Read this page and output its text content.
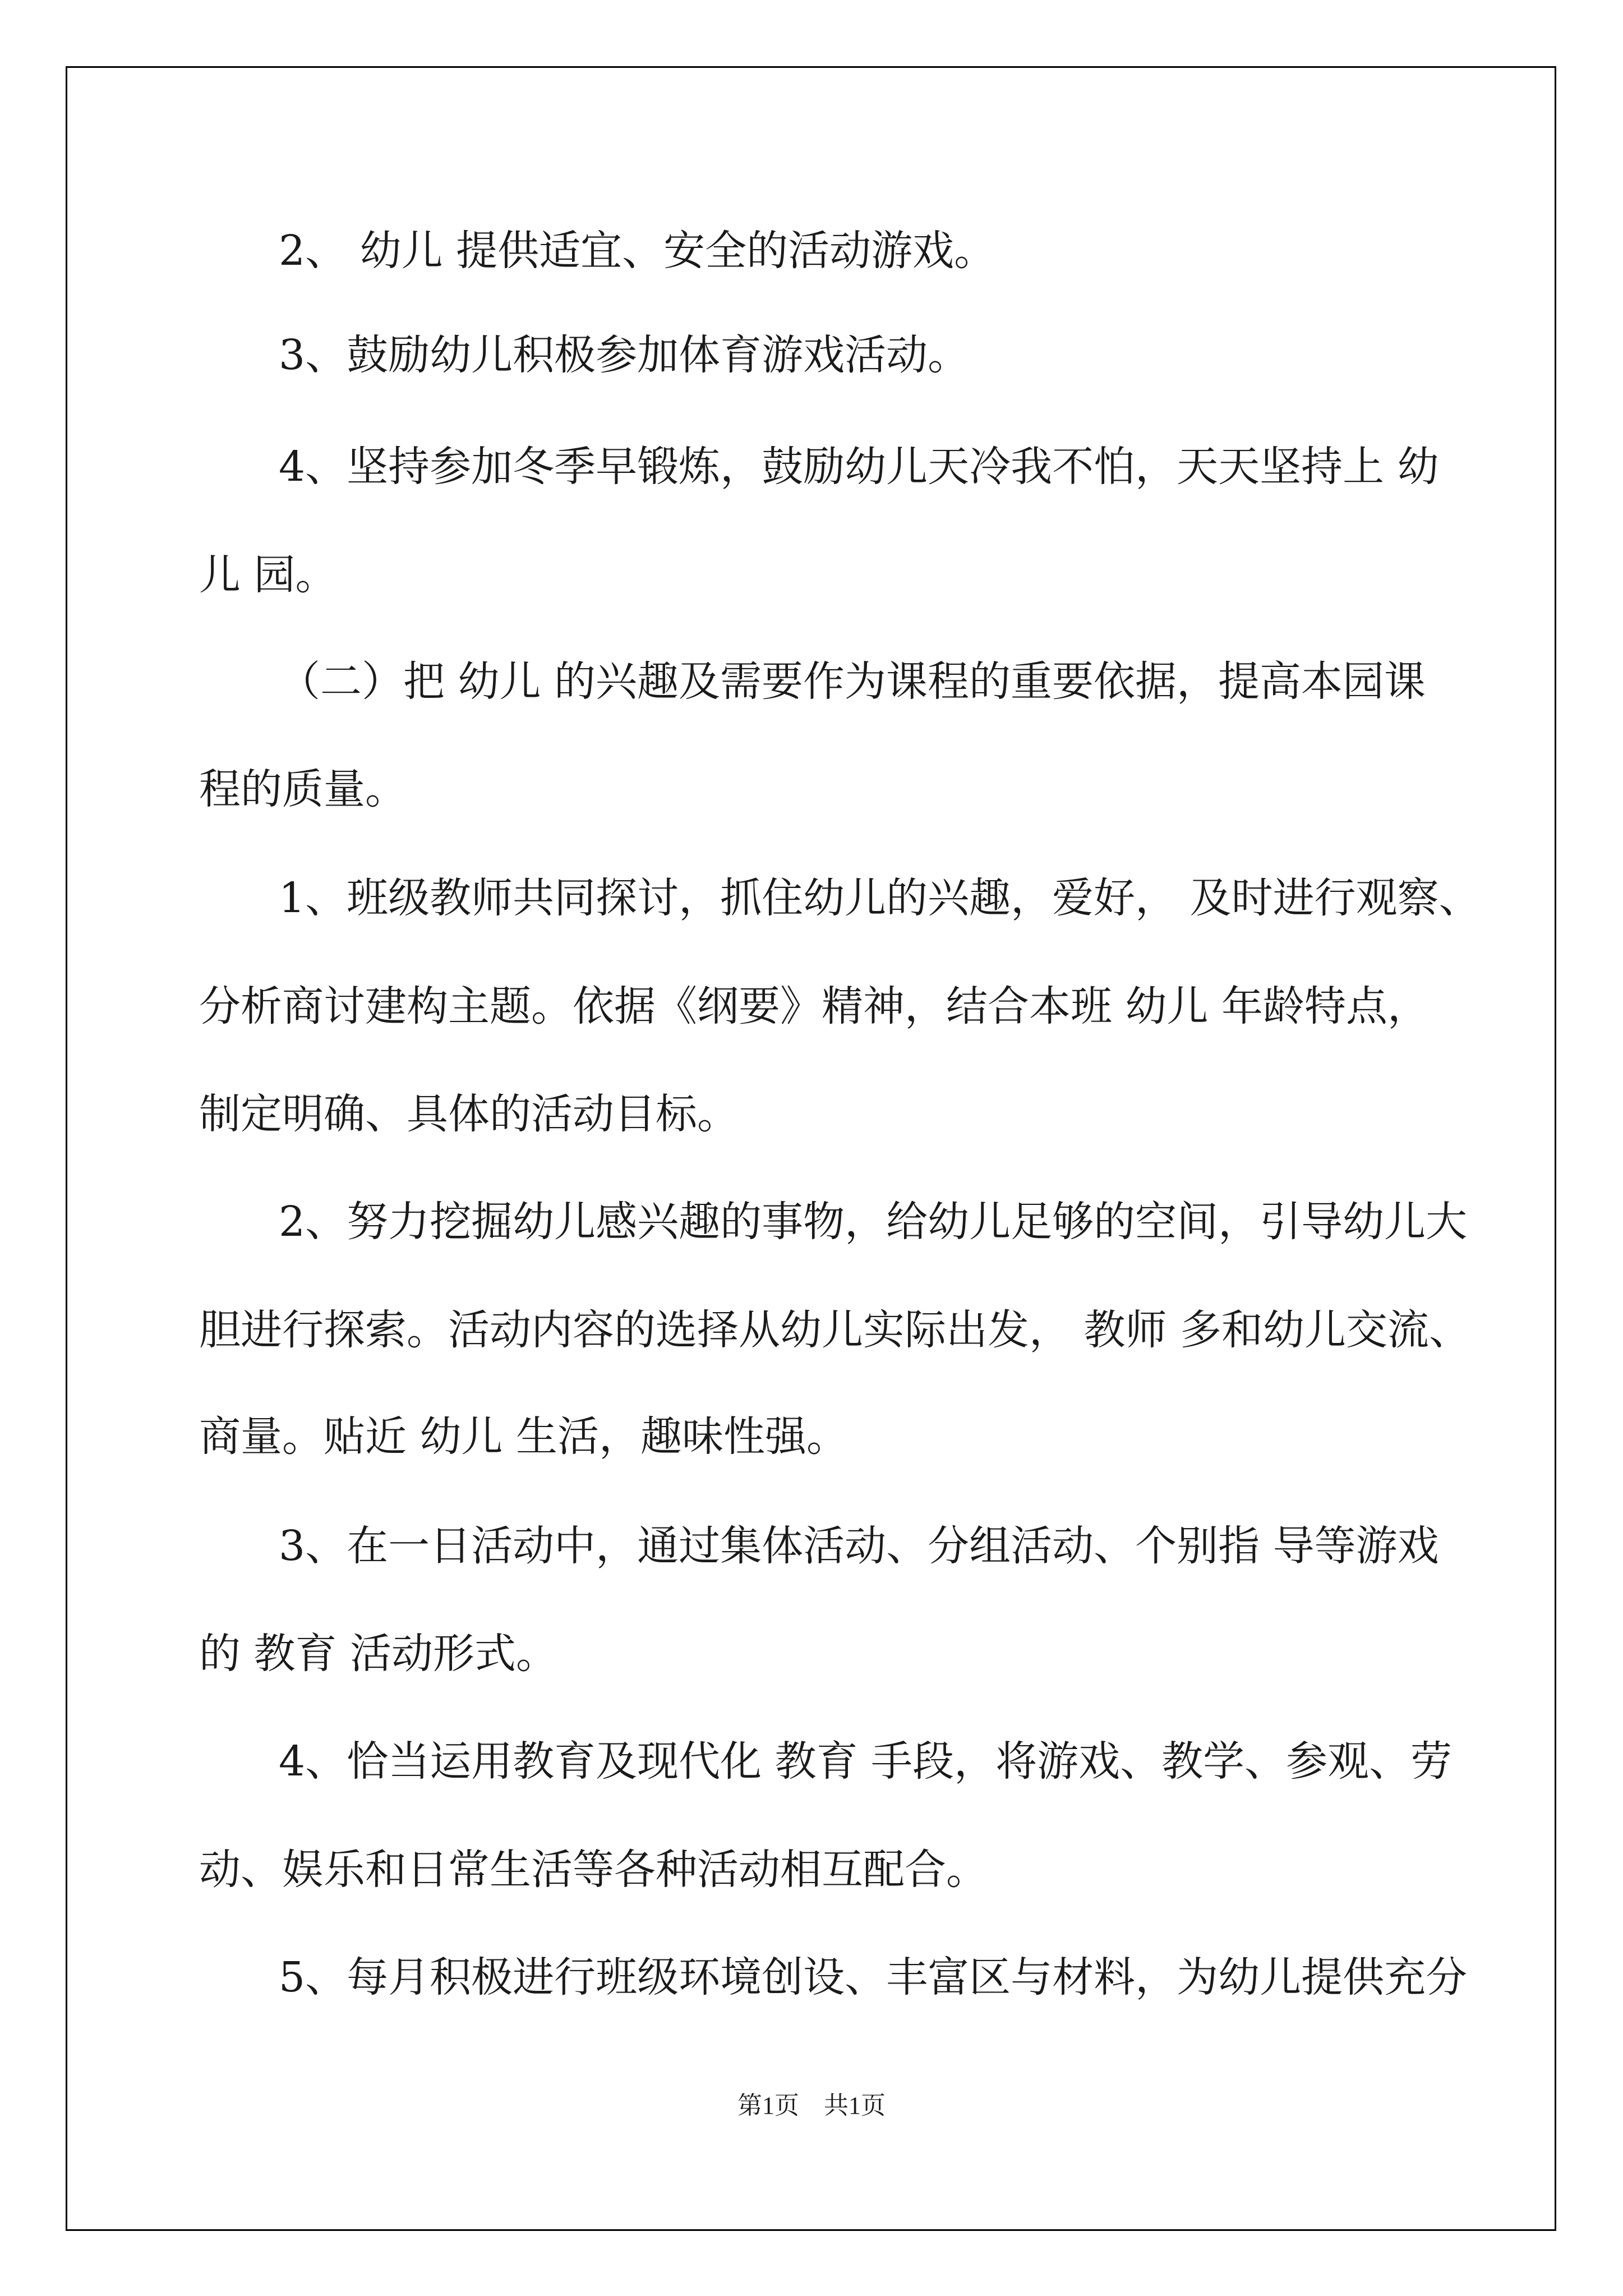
2、 幼儿 提供适宜、安全的活动游戏。
3、鼓励幼儿积极参加体育游戏活动。
4、坚持参加冬季早锻炼，鼓励幼儿天冷我不怕，天天坚持上 幼
儿 园。
（二）把 幼儿 的兴趣及需要作为课程的重要依据，提高本园课
程的质量。
1、班级教师共同探讨，抓住幼儿的兴趣，爱好， 及时进行观察、
分析商讨建构主题。依据《纲要》精神，结合本班 幼儿 年龄特点，
制定明确、具体的活动目标。
2、努力挖掘幼儿感兴趣的事物，给幼儿足够的空间，引导幼儿大
胆进行探索。活动内容的选择从幼儿实际出发， 教师 多和幼儿交流、
商量。贴近 幼儿 生活，趣味性强。
3、在一日活动中，通过集体活动、分组活动、个别指 导等游戏
的 教育 活动形式。
4、恰当运用教育及现代化 教育 手段，将游戏、教学、参观、劳
动、娱乐和日常生活等各种活动相互配合。
5、每月积极进行班级环境创设、丰富区与材料，为幼儿提供充分
第1页　共1页
